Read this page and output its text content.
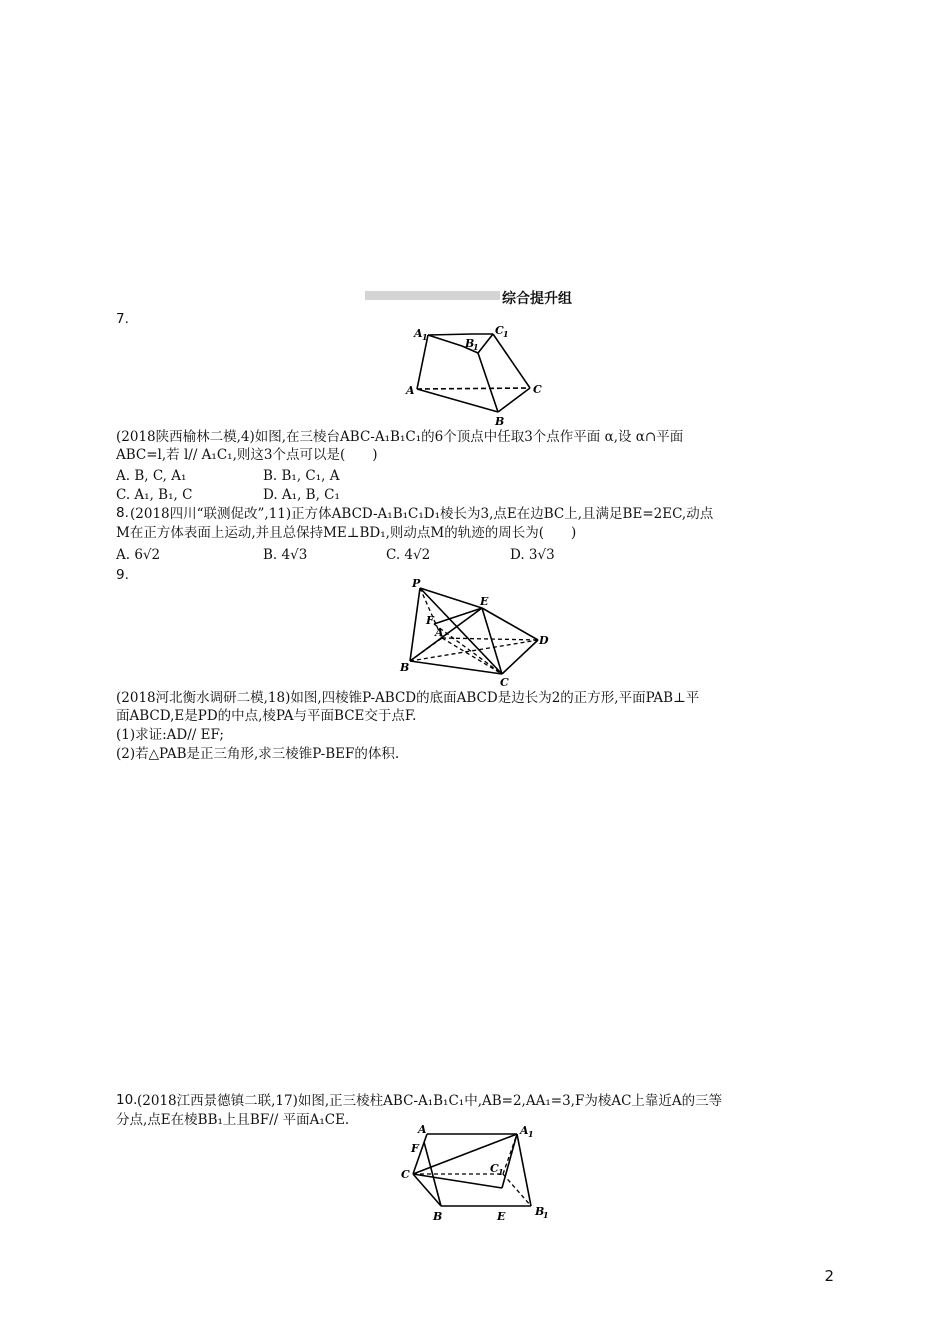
综合提升组
7.
A 1	B
1
C 1
A	C
B
(2018陕西榆林二模,4)如图,在三棱台ABC-A₁B₁C₁的6个顶点中任取3个点作平面 α,设 α∩平面
ABC=l,若 l// A₁C₁,则这3个点可以是(　　)
A. B, C, A₁	B. B₁, C₁, A
C. A₁, B₁, C	D. A₁, B, C₁
8. (2018四川“联测促改”,11)正方体ABCD-A₁B₁C₁D₁棱长为3,点E在边BC上,且满足BE=2EC,动点
M在正方体表面上运动,并且总保持ME⊥BD₁,则动点M的轨迹的周长为(　　)
A. 6√2	B. 4√3	C. 4√2	D. 3√3
9.
P
E
F
A
D
B
C
(2018河北衡水调研二模,18)如图,四棱锥P-ABCD的底面ABCD是边长为2的正方形,平面PAB⊥平
面ABCD,E是PD的中点,棱PA与平面BCE交于点F.
(1)求证:AD// EF;
(2)若△PAB是正三角形,求三棱锥P-BEF的体积.
10. (2018江西景德镇二联,17)如图,正三棱柱ABC-A₁B₁C₁中,AB=2,AA₁=3,F为棱AC上靠近A的三等
分点,点E在棱BB₁上且BF// 平面A₁CE.
A	A 1
F
C	C 1
B	E	B
1
2
